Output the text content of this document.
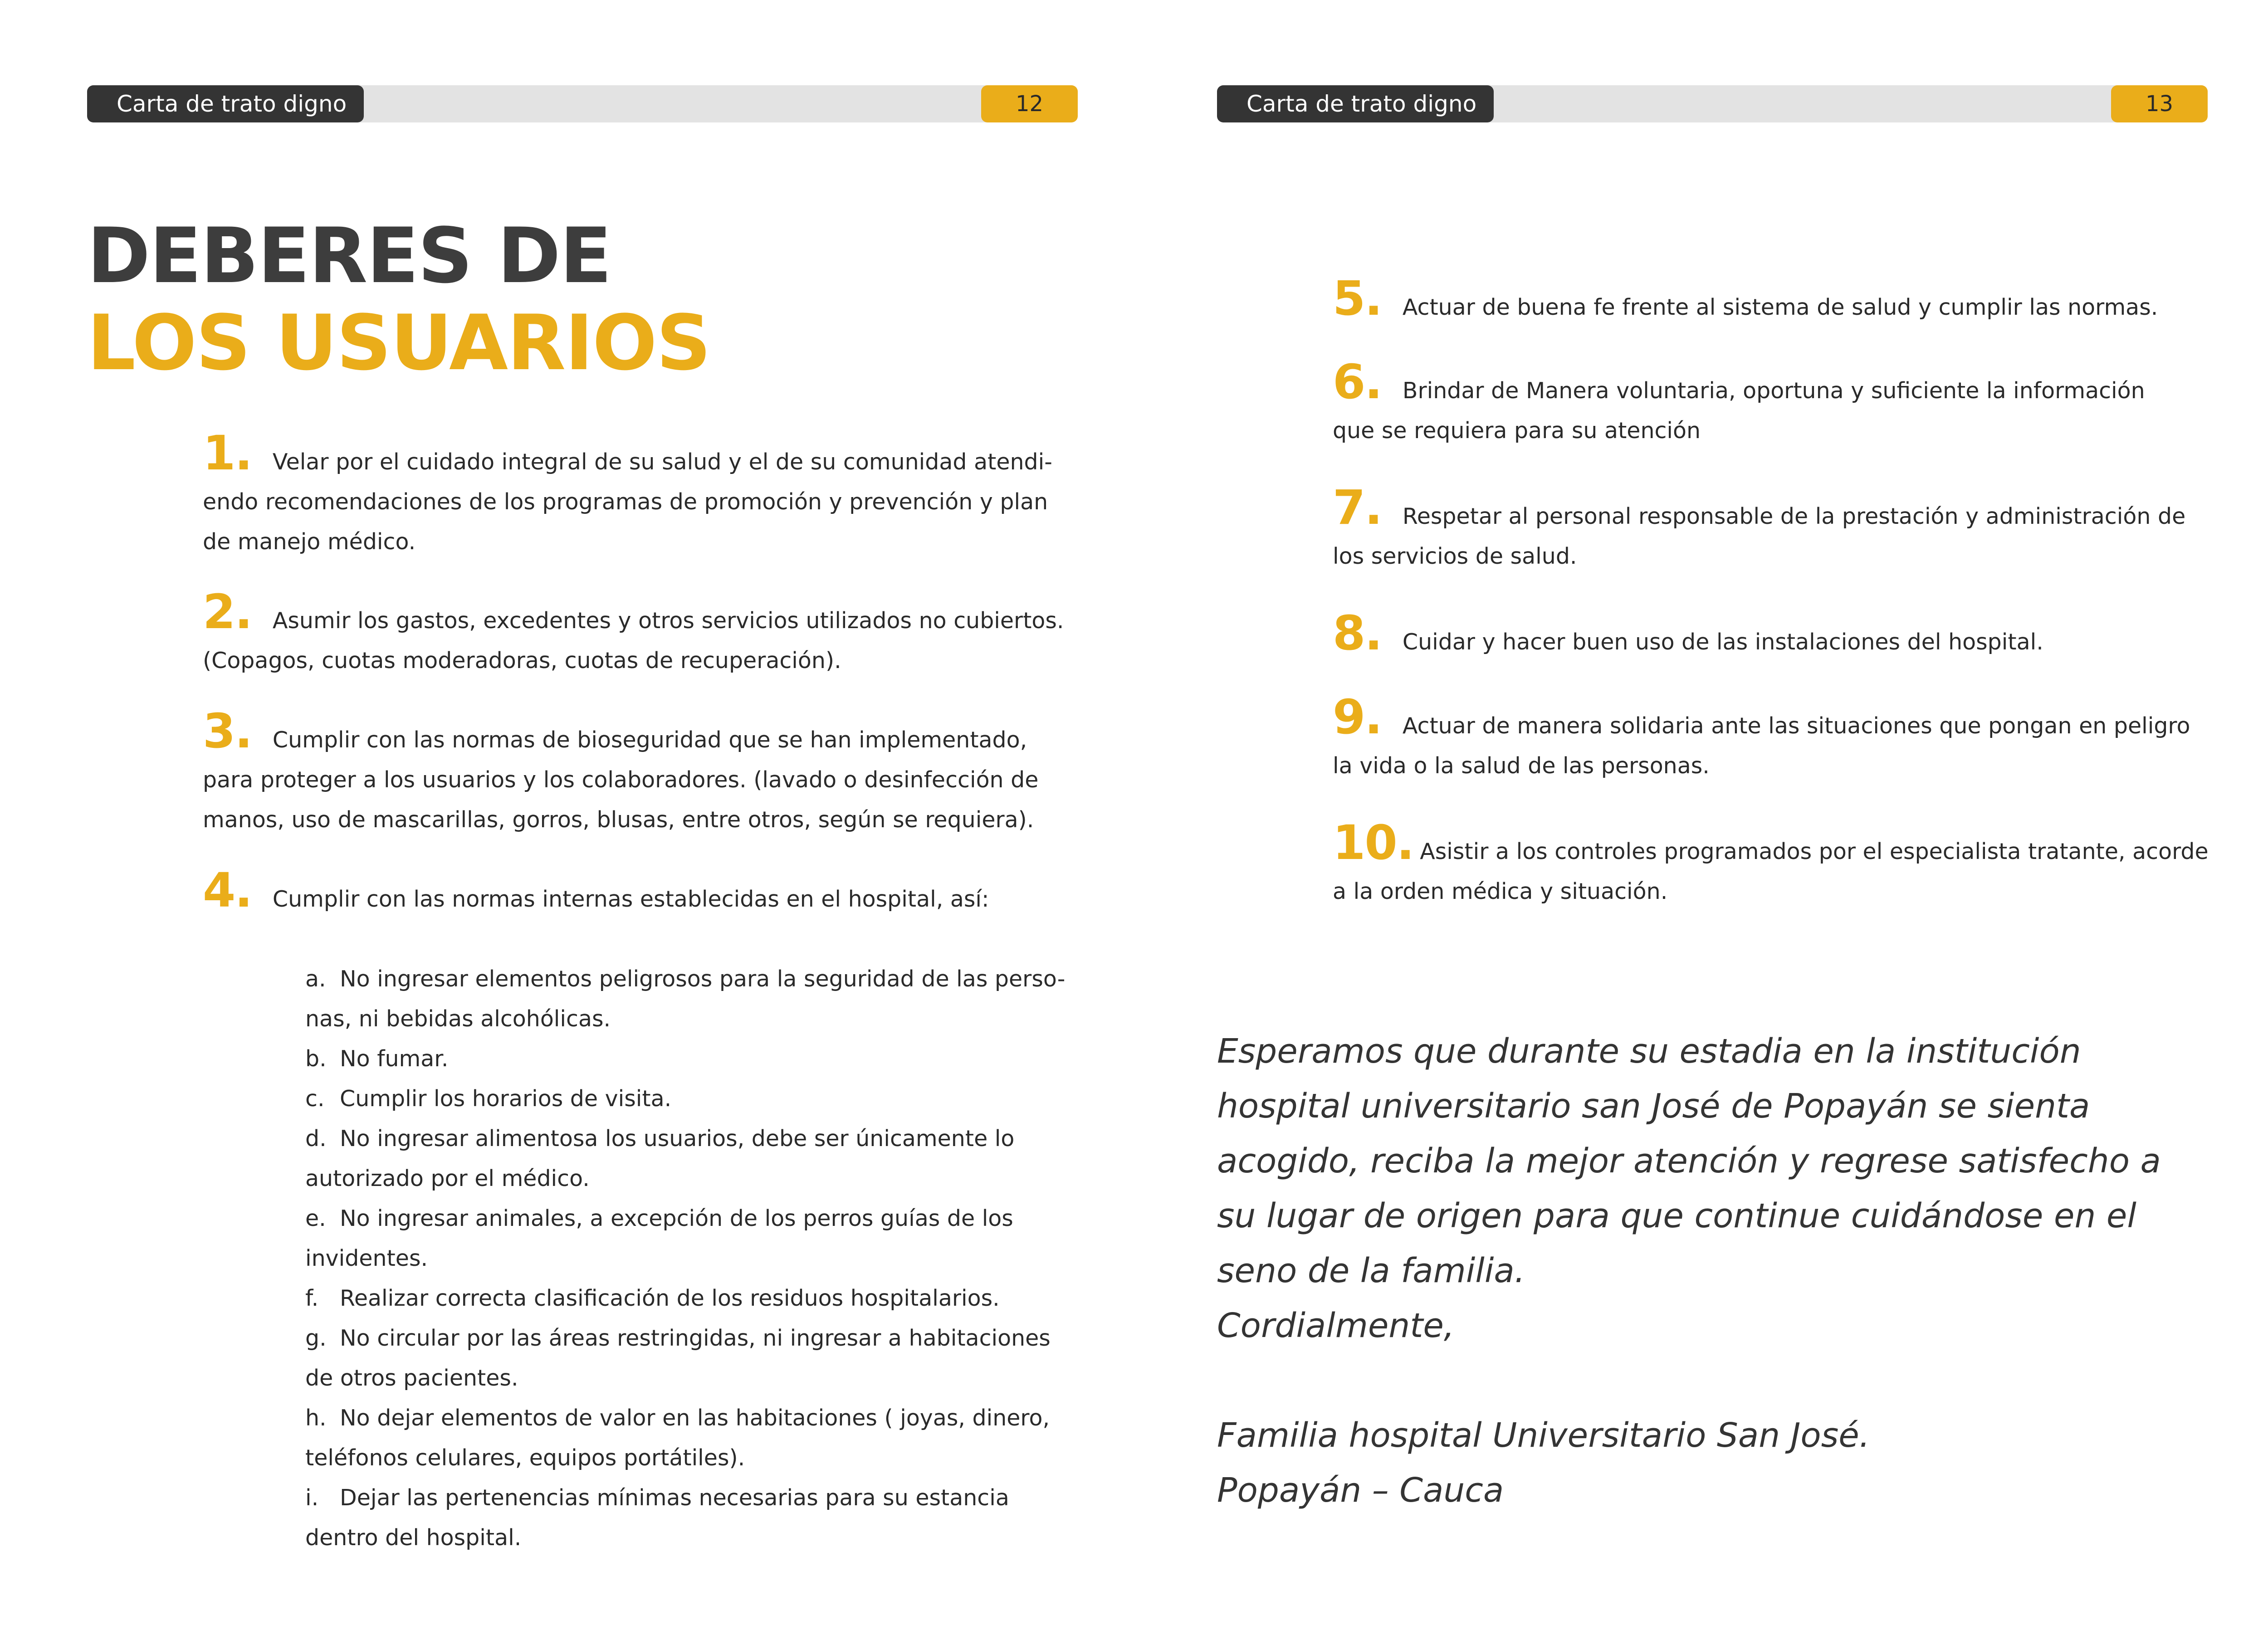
Carta de trato digno	12
DEBERES DE
LOS USUARIOS

1. Velar por el cuidado integral de su salud y el de su comunidad atendi-
endo recomendaciones de los programas de promoción y prevención y plan
de manejo médico.

2. Asumir los gastos, excedentes y otros servicios utilizados no cubiertos.
(Copagos, cuotas moderadoras, cuotas de recuperación).

3. Cumplir con las normas de bioseguridad que se han implementado,
para proteger a los usuarios y los colaboradores. (lavado o desinfección de
manos, uso de mascarillas, gorros, blusas, entre otros, según se requiera).

4. Cumplir con las normas internas establecidas en el hospital, así:

a. No ingresar elementos peligrosos para la seguridad de las perso-
nas, ni bebidas alcohólicas.
b. No fumar.
c. Cumplir los horarios de visita.
d. No ingresar alimentosa los usuarios, debe ser únicamente lo
autorizado por el médico.
e. No ingresar animales, a excepción de los perros guías de los
invidentes.
f. Realizar correcta clasificación de los residuos hospitalarios.
g. No circular por las áreas restringidas, ni ingresar a habitaciones
de otros pacientes.
h. No dejar elementos de valor en las habitaciones ( joyas, dinero,
teléfonos celulares, equipos portátiles).
i. Dejar las pertenencias mínimas necesarias para su estancia
dentro del hospital.
Carta de trato digno	13

5. Actuar de buena fe frente al sistema de salud y cumplir las normas.

6. Brindar de Manera voluntaria, oportuna y suficiente la información
que se requiera para su atención

7. Respetar al personal responsable de la prestación y administración de
los servicios de salud.

8. Cuidar y hacer buen uso de las instalaciones del hospital.

9. Actuar de manera solidaria ante las situaciones que pongan en peligro
la vida o la salud de las personas.

10. Asistir a los controles programados por el especialista tratante, acorde
a la orden médica y situación.

Esperamos que durante su estadia en la institución
hospital universitario san José de Popayán se sienta
acogido, reciba la mejor atención y regrese satisfecho a
su lugar de origen para que continue cuidándose en el
seno de la familia.
Cordialmente,

Familia hospital Universitario San José.
Popayán – Cauca
